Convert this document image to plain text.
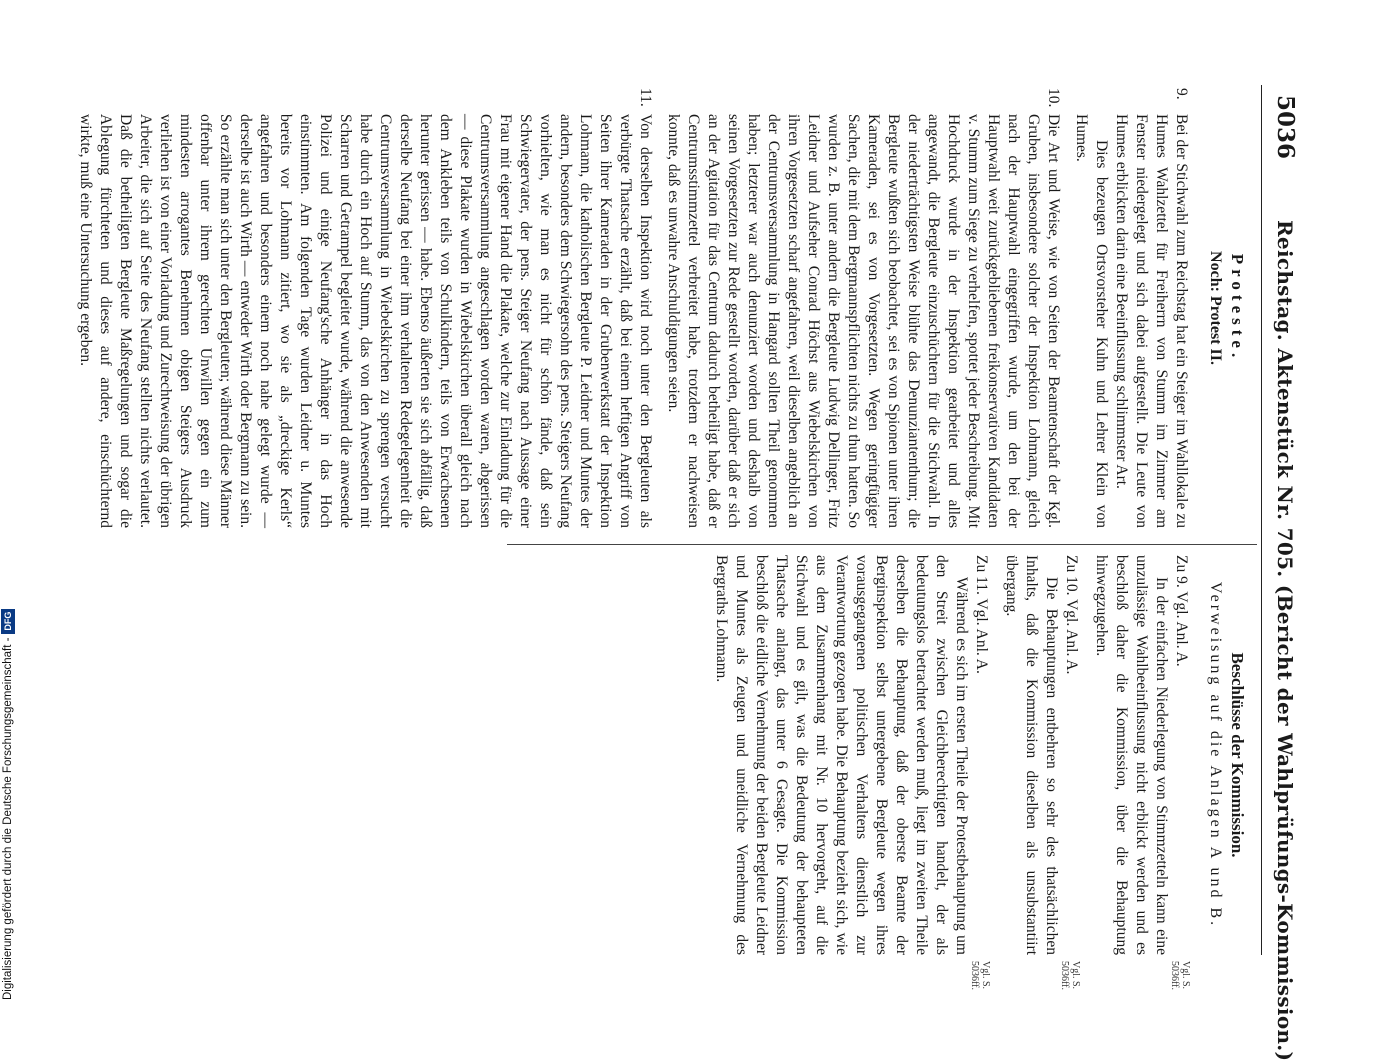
5036
Reichstag. Aktenstück Nr. 705. (Bericht der Wahlprüfungs-Kommission.)

Proteste.

Noch: Protest II.

9.

Bei der Stichwahl zum Reichstag hat ein Steiger im Wahllokale zu Humes Wahlzettel für Freiherrn von Stumm im Zimmer am Fenster niedergelegt und sich dabei aufgestellt. Die Leute von Humes erblickten darin eine Beeinflussung schlimmster Art.

Dies bezeugen Ortsvorsteher Kuhn und Lehrer Klein von Humes.

10.

Die Art und Weise, wie von Seiten der Beamtenschaft der Kgl. Gruben, insbesondere solcher der Inspektion Lohmann, gleich nach der Hauptwahl eingegriffen wurde, um den bei der Hauptwahl weit zurückgebliebenen freikonservativen Kandidaten v. Stumm zum Siege zu verhelfen, spottet jeder Beschreibung. Mit Hochdruck wurde in der Inspektion gearbeitet und alles angewandt, die Bergleute einzuschüchtern für die Stichwahl. In der niederträchtigsten Weise blühte das Denunziantenthum; die Bergleute wußten sich beobachtet, sei es von Spionen unter ihren Kameraden, sei es von Vorgesetzten. Wegen geringfügiger Sachen, die mit dem Bergmannspflichten nichts zu thun hatten. So wurden z. B. unter andern die Bergleute Ludwig Dellinger, Fritz Leidner und Aufseher Conrad Höchst aus Wiebelskirchen von ihren Vorgesetzten scharf angefahren, weil dieselben angeblich an der Centrumsversammlung in Hangard sollten Theil genommen haben; letzterer war auch denunziert worden und deshalb von seinen Vorgesetzten zur Rede gestellt worden, darüber daß er sich an der Agitation für das Centrum dadurch betheiligt habe, daß er Centrumsstimmzettel verbreitet habe, trotzdem er nachweisen konnte, daß es unwahre Anschuldigungen seien.

11.

Von derselben Inspektion wird noch unter den Bergleuten als verbürgte Thatsache erzählt, daß bei einem heftigen Angriff von Seiten ihrer Kameraden in der Grubenwerkstatt der Inspektion Lohmann, die katholischen Bergleute P. Leidner und Muntes der andern, besonders dem Schwiegersohn des pens. Steigers Neufang vorhielten, wie man es nicht für schön fände, daß sein Schwiegervater, der pens. Steiger Neufang nach Aussage einer Frau mit eigener Hand die Plakate, welche zur Einladung für die Centrumsversammlung angeschlagen worden waren, abgerissen — diese Plakate wurden in Wiebelskirchen überall gleich nach dem Ankleben teils von Schulkindern, teils von Erwachsenen herunter gerissen — habe. Ebenso äußerten sie sich abfällig, daß derselbe Neufang bei einer ihm verhaltenen Redegelegenheit die Centrumsversammlung in Wiebelskirchen zu sprengen versucht habe durch ein Hoch auf Stumm, das von den Anwesenden mit Scharren und Getrampel begleitet wurde, während die anwesende Polizei und einige Neufang'sche Anhänger in das Hoch einstimmten. Am folgenden Tage wurden Leidner u. Muntes bereits vor Lohmann zitiert, wo sie als „dreckige Kerls“ angefahren und besonders einem noch nahe gelegt wurde — derselbe ist auch Wirth — entweder Wirth oder Bergmann zu sein. So erzählte man sich unter den Bergleuten; während diese Männer offenbar unter ihrem gerechten Unwillen gegen ein zum mindesten arrogantes Benehmen obigen Steigers Ausdruck verliehen ist von einer Vorladung und Zurechtweisung der übrigen Arbeiter, die sich auf Seite des Neufang stellten nichts verlautet. Daß die betheiligten Bergleute Maßregelungen und sogar die Ablegung fürchteten und dieses auf andere, einschüchternd wirkte, muß eine Untersuchung ergeben.

Beschlüsse der Kommission.

Verweisung auf die Anlagen A und B.

Zu 9. Vgl. Anl. A.

In der einfachen Niederlegung von Stimmzetteln kann eine unzulässige Wahlbeeinflussung nicht erblickt werden und es beschloß daher die Kommission, über die Behauptung hinwegzugehen.

Vgl. S. 5036ff.

Zu 10. Vgl. Anl. A.

Die Behauptungen entbehren so sehr des thatsächlichen Inhalts, daß die Kommission dieselben als unsubstantiirt übergang.

Vgl. S. 5036ff.

Zu 11. Vgl. Anl. A.

Während es sich im ersten Theile der Protestbehauptung um den Streit zwischen Gleichberechtigten handelt, der als bedeutungslos betrachtet werden muß, liegt im zweiten Theile derselben die Behauptung, daß der oberste Beamte der Berginspektion selbst untergebene Bergleute wegen ihres vorausgegangenen politischen Verhaltens dienstlich zur Verantwortung gezogen habe. Die Behauptung bezieht sich, wie aus dem Zusammenhang mit Nr. 10 hervorgeht, auf die Stichwahl und es gilt, was die Bedeutung der behaupteten Thatsache anlangt, das unter 6 Gesagte. Die Kommission beschloß die eidliche Vernehmung der beiden Bergleute Leidner und Muntes als Zeugen und uneidliche Vernehmung des Bergraths Lohmann.

Vgl. S. 5036ff.
Digitalisierung gefördert durch die Deutsche Forschungsgemeinschaft -
DFG
